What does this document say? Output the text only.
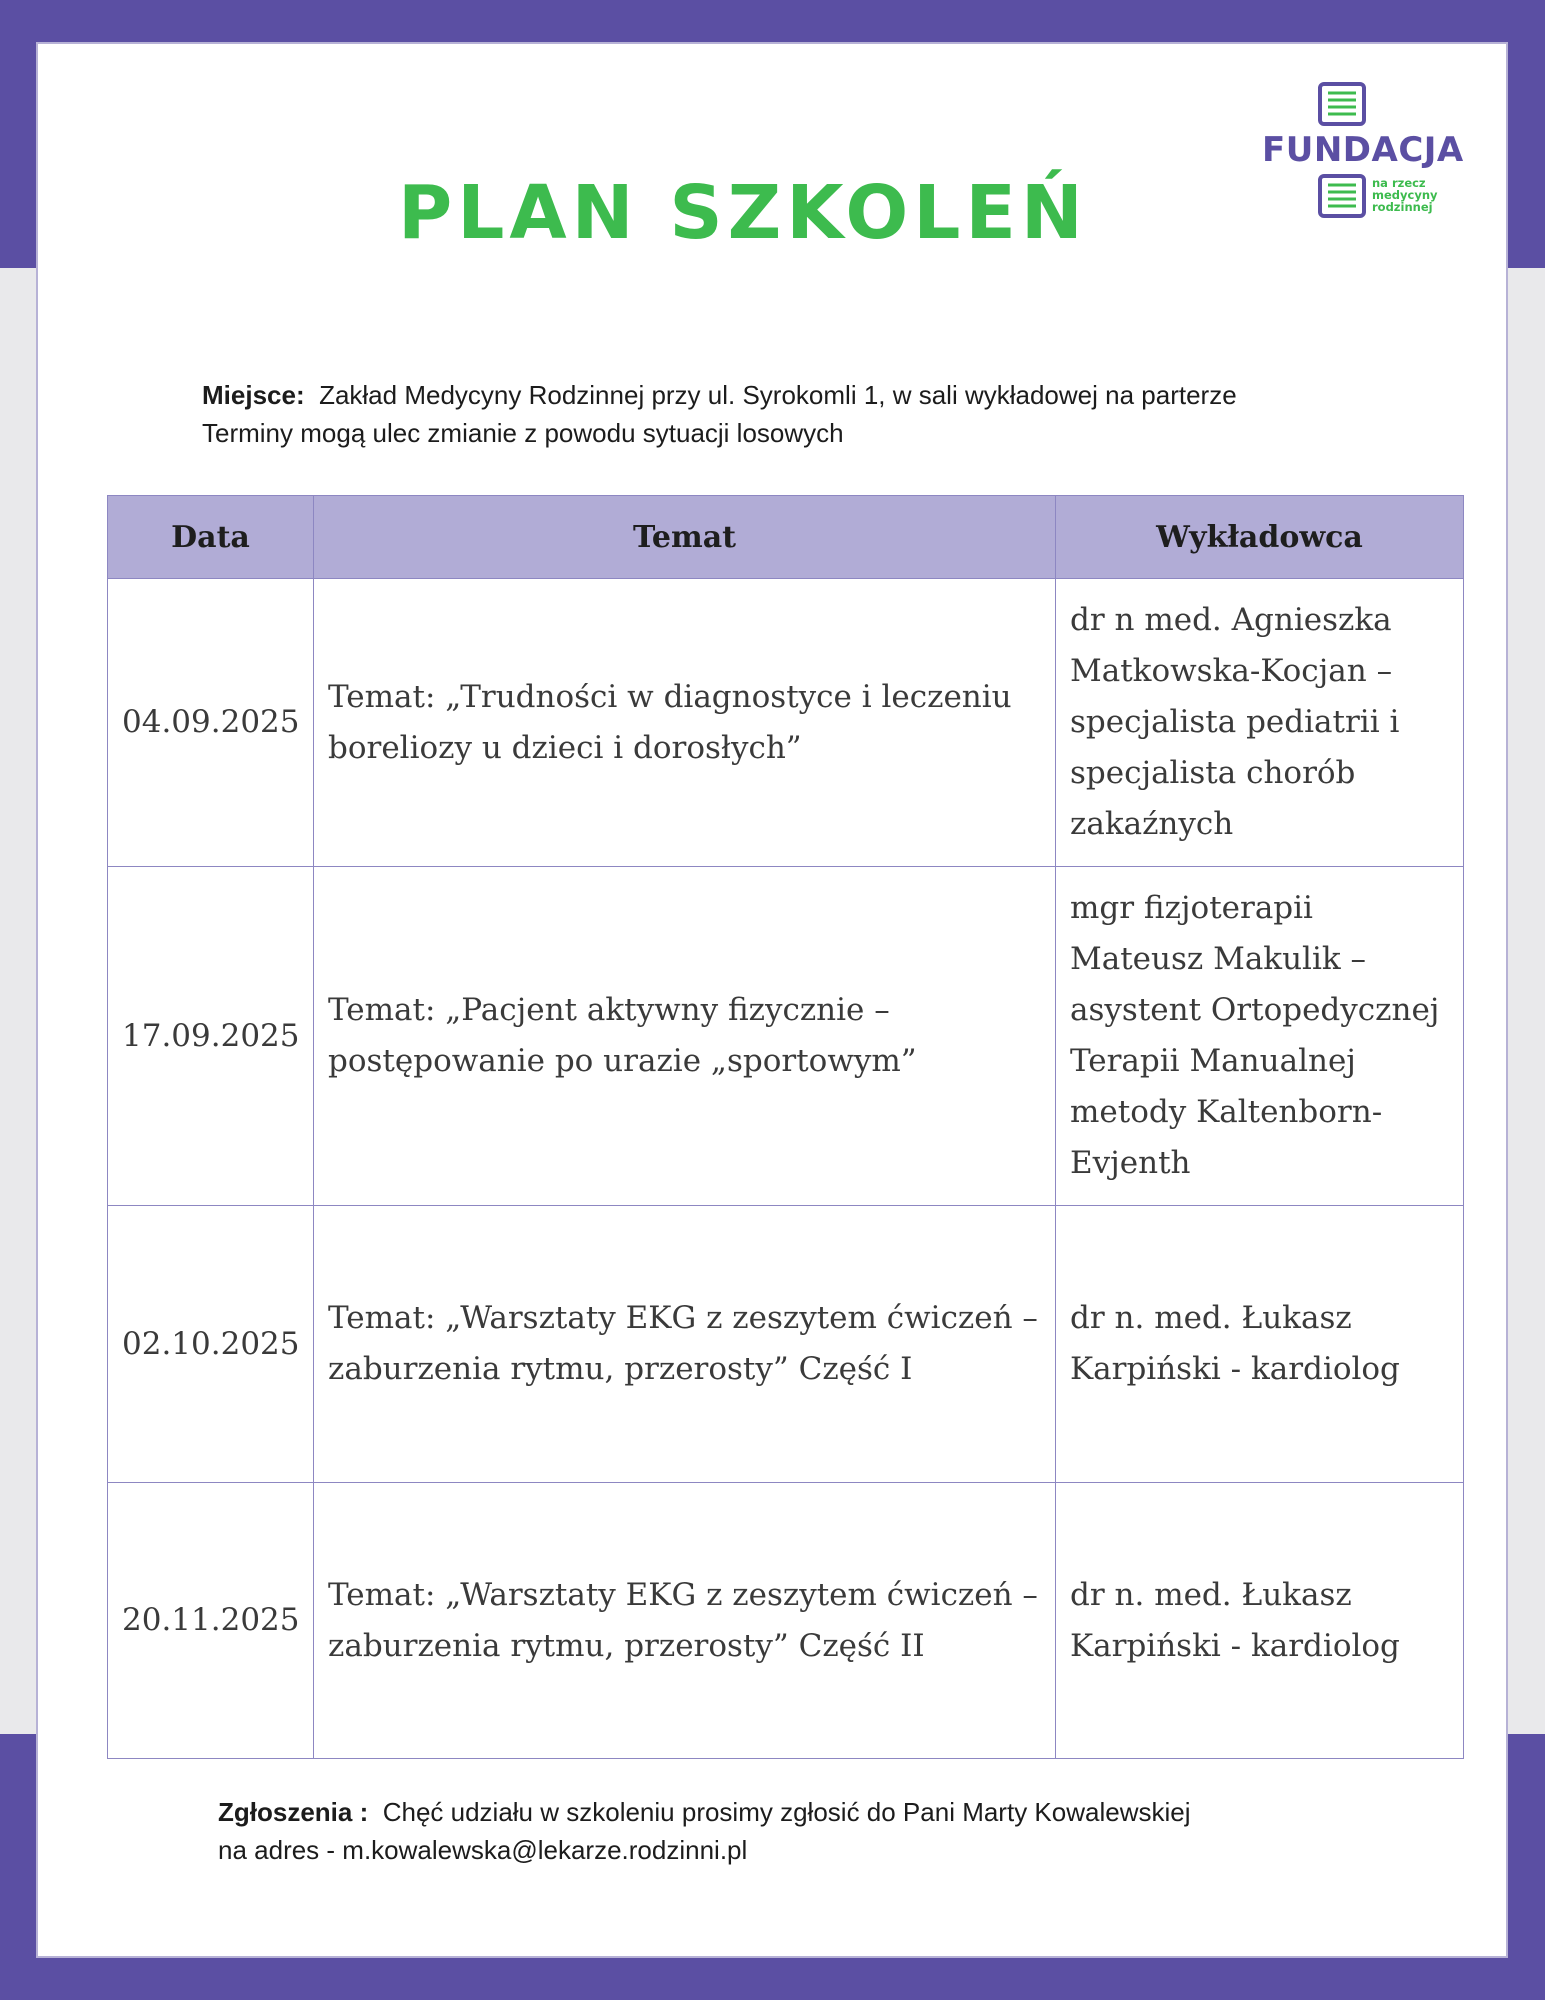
PLAN SZKOLEŃ
FUNDACJA
na rzecz
medycyny
rodzinnej
Miejsce: Zakład Medycyny Rodzinnej przy ul. Syrokomli 1, w sali wykładowej na parterze
Terminy mogą ulec zmianie z powodu sytuacji losowych
Data	Temat	Wykładowca
04.09.2025	Temat: „Trudności w diagnostyce i leczeniu boreliozy u dzieci i dorosłych”	dr n med. Agnieszka Matkowska-Kocjan – specjalista pediatrii i specjalista chorób zakaźnych
17.09.2025	Temat: „Pacjent aktywny fizycznie – postępowanie po urazie „sportowym”	mgr fizjoterapii Mateusz Makulik – asystent Ortopedycznej Terapii Manualnej metody Kaltenborn-Evjenth
02.10.2025	Temat: „Warsztaty EKG z zeszytem ćwiczeń – zaburzenia rytmu, przerosty” Część I	dr n. med. Łukasz Karpiński - kardiolog
20.11.2025	Temat: „Warsztaty EKG z zeszytem ćwiczeń – zaburzenia rytmu, przerosty” Część II	dr n. med. Łukasz Karpiński - kardiolog
Zgłoszenia : Chęć udziału w szkoleniu prosimy zgłosić do Pani Marty Kowalewskiej
na adres - m.kowalewska@lekarze.rodzinni.pl
